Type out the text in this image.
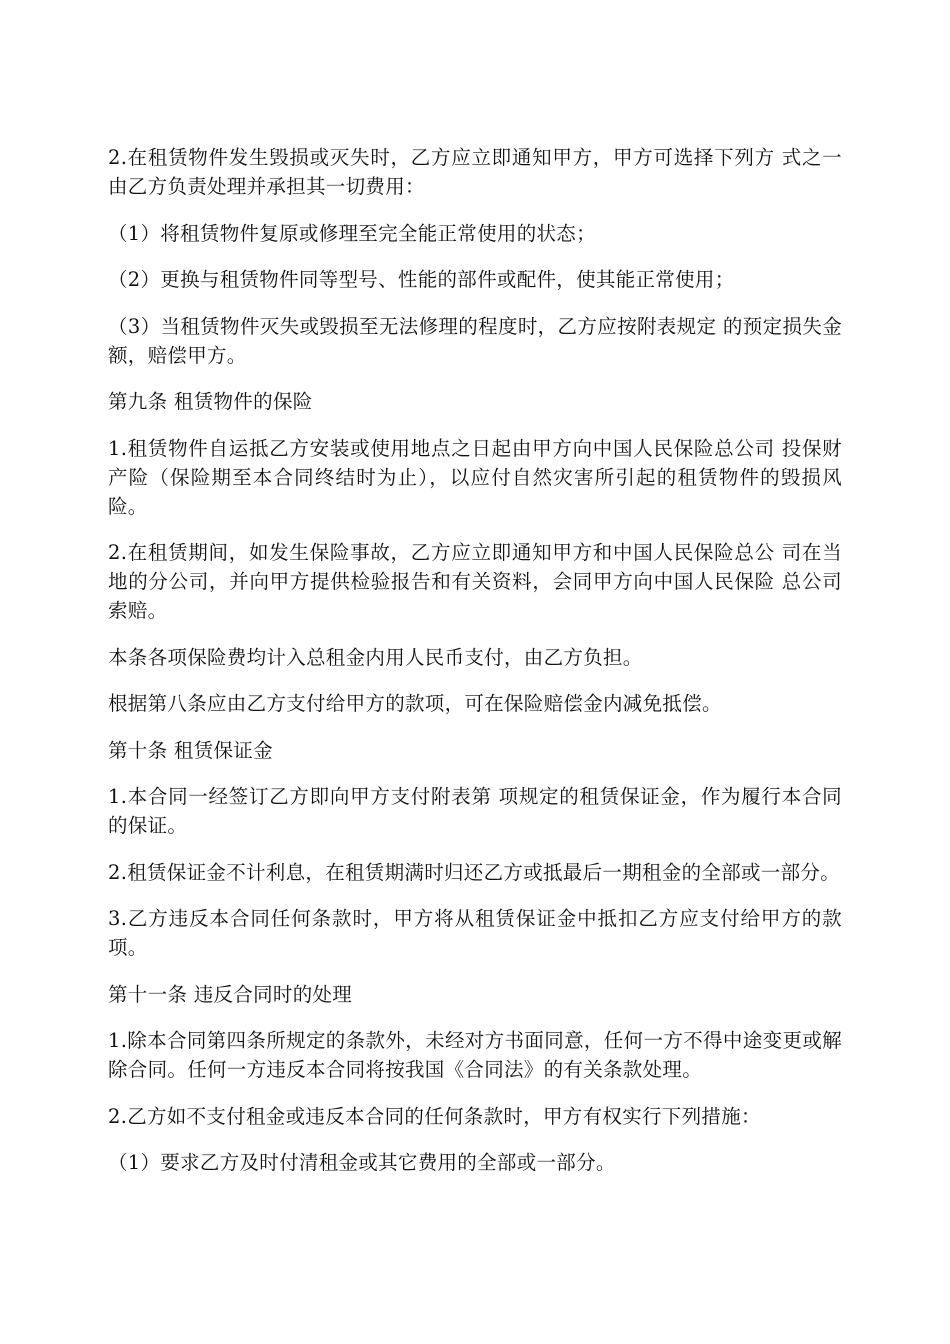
2.在租赁物件发生毁损或灭失时，乙方应立即通知甲方，甲方可选择下列方 式之一由乙方负责处理并承担其一切费用：

（1）将租赁物件复原或修理至完全能正常使用的状态；

（2）更换与租赁物件同等型号、性能的部件或配件，使其能正常使用；

（3）当租赁物件灭失或毁损至无法修理的程度时，乙方应按附表规定 的预定损失金额，赔偿甲方。

第九条 租赁物件的保险

1.租赁物件自运抵乙方安装或使用地点之日起由甲方向中国人民保险总公司 投保财产险（保险期至本合同终结时为止），以应付自然灾害所引起的租赁物件的毁损风险。

2.在租赁期间，如发生保险事故，乙方应立即通知甲方和中国人民保险总公 司在当地的分公司，并向甲方提供检验报告和有关资料，会同甲方向中国人民保险 总公司索赔。

本条各项保险费均计入总租金内用人民币支付，由乙方负担。

根据第八条应由乙方支付给甲方的款项，可在保险赔偿金内减免抵偿。

第十条 租赁保证金

1.本合同一经签订乙方即向甲方支付附表第 项规定的租赁保证金，作为履行本合同的保证。

2.租赁保证金不计利息，在租赁期满时归还乙方或抵最后一期租金的全部或一部分。

3.乙方违反本合同任何条款时，甲方将从租赁保证金中抵扣乙方应支付给甲方的款项。

第十一条 违反合同时的处理

1.除本合同第四条所规定的条款外，未经对方书面同意，任何一方不得中途变更或解除合同。任何一方违反本合同将按我国《合同法》的有关条款处理。

2.乙方如不支付租金或违反本合同的任何条款时，甲方有权实行下列措施：

（1）要求乙方及时付清租金或其它费用的全部或一部分。
